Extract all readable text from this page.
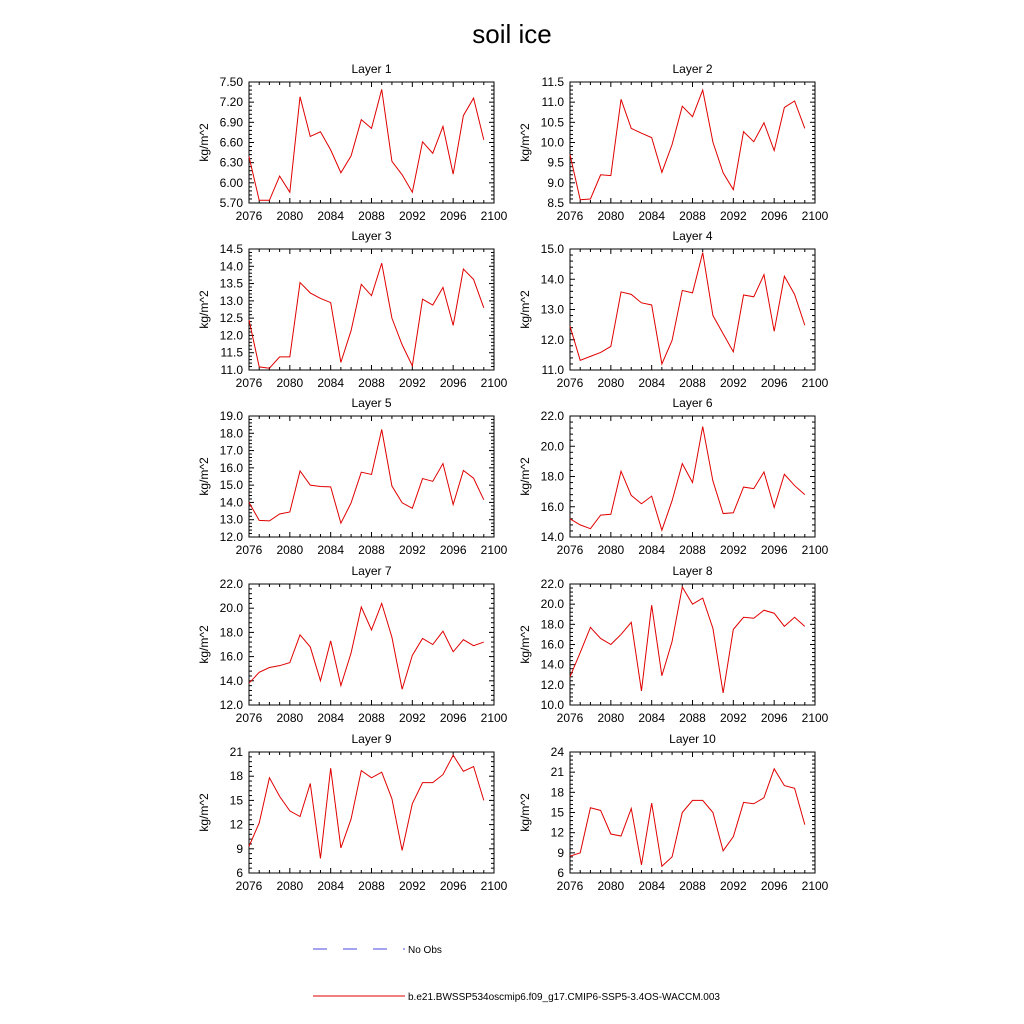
soil ice
Layer 1
kg/m^2
2076 2080 2084 2088 2092 2096 2100
5.70
6.00
6.30
6.60
6.90
7.20
7.50
Layer 2
kg/m^2
2076 2080 2084 2088 2092 2096 2100
8.5
9.0
9.5
10.0
10.5
11.0
11.5
Layer 3
kg/m^2
2076 2080 2084 2088 2092 2096 2100
11.0
11.5
12.0
12.5
13.0
13.5
14.0
14.5
Layer 4
kg/m^2
2076 2080 2084 2088 2092 2096 2100
11.0
12.0
13.0
14.0
15.0
Layer 5
kg/m^2
2076 2080 2084 2088 2092 2096 2100
12.0
13.0
14.0
15.0
16.0
17.0
18.0
19.0
Layer 6
kg/m^2
2076 2080 2084 2088 2092 2096 2100
14.0
16.0
18.0
20.0
22.0
Layer 7
kg/m^2
2076 2080 2084 2088 2092 2096 2100
12.0
14.0
16.0
18.0
20.0
22.0
Layer 8
kg/m^2
2076 2080 2084 2088 2092 2096 2100
10.0
12.0
14.0
16.0
18.0
20.0
22.0
Layer 9
kg/m^2
2076 2080 2084 2088 2092 2096 2100
6
9
12
15
18
21
Layer 10
kg/m^2
2076 2080 2084 2088 2092 2096 2100
6
9
12
15
18
21
24
No Obs
b.e21.BWSSP534oscmip6.f09_g17.CMIP6-SSP5-3.4OS-WACCM.003
